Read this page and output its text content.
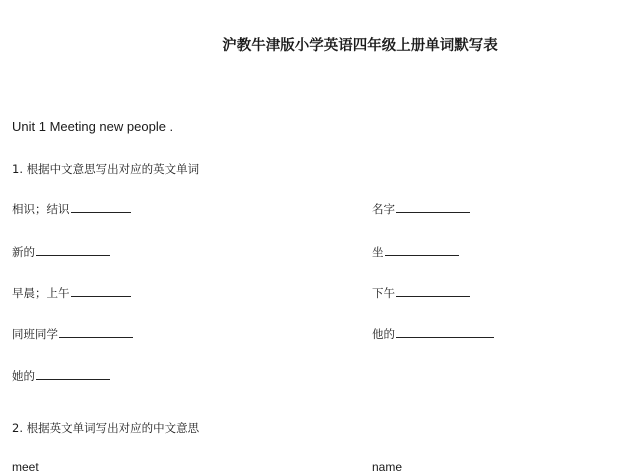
沪教牛津版小学英语四年级上册单词默写表
Unit 1 Meeting new people .
1. 根据中文意思写出对应的英文单词
相识；结识
新的
早晨；上午
同班同学
她的
名字
坐
下午
他的
2. 根据英文单词写出对应的中文意思
meet	name
